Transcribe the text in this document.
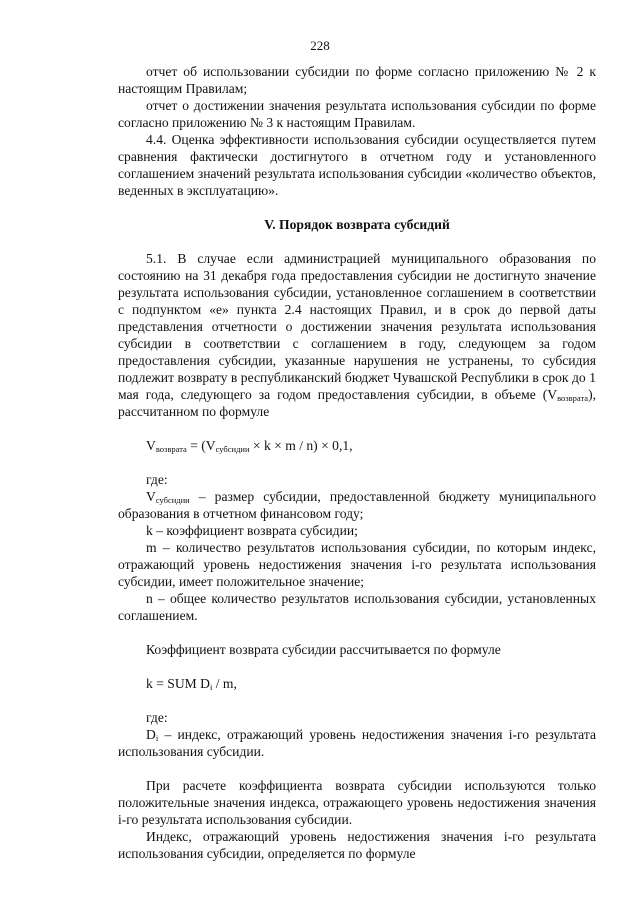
228

отчет об использовании субсидии по форме согласно приложению № 2 к настоящим Правилам;

отчет о достижении значения результата использования субсидии по форме согласно приложению № 3 к настоящим Правилам.

4.4. Оценка эффективности использования субсидии осуществляется путем сравнения фактически достигнутого в отчетном году и установленного соглашением значений результата использования субсидии «количество объектов, веденных в эксплуатацию».

V. Порядок возврата субсидий

5.1. В случае если администрацией муниципального образования по состоянию на 31 декабря года предоставления субсидии не достигнуто значение результата использования субсидии, установленное соглашением в соответствии с подпунктом «е» пункта 2.4 настоящих Правил, и в срок до первой даты представления отчетности о достижении значения результата использования субсидии в соответствии с соглашением в году, следующем за годом предоставления субсидии, указанные нарушения не устранены, то субсидия подлежит возврату в республиканский бюджет Чувашской Республики в срок до 1 мая года, следующего за годом предоставления субсидии, в объеме $(V_{возврата})$, рассчитанном по формуле

$V_{возврата} = (V_{субсидии} \times k \times m / n) \times 0,1$,

где:

$V_{субсидии}$ – размер субсидии, предоставленной бюджету муниципального образования в отчетном финансовом году;

k – коэффициент возврата субсидии;

m – количество результатов использования субсидии, по которым индекс, отражающий уровень недостижения значения i-го результата использования субсидии, имеет положительное значение;

n – общее количество результатов использования субсидии, установленных соглашением.

Коэффициент возврата субсидии рассчитывается по формуле

k = SUM $D_i$ / m,

где:

$D_i$ – индекс, отражающий уровень недостижения значения i-го результата использования субсидии.

При расчете коэффициента возврата субсидии используются только положительные значения индекса, отражающего уровень недостижения значения i-го результата использования субсидии.

Индекс, отражающий уровень недостижения значения i-го результата использования субсидии, определяется по формуле
